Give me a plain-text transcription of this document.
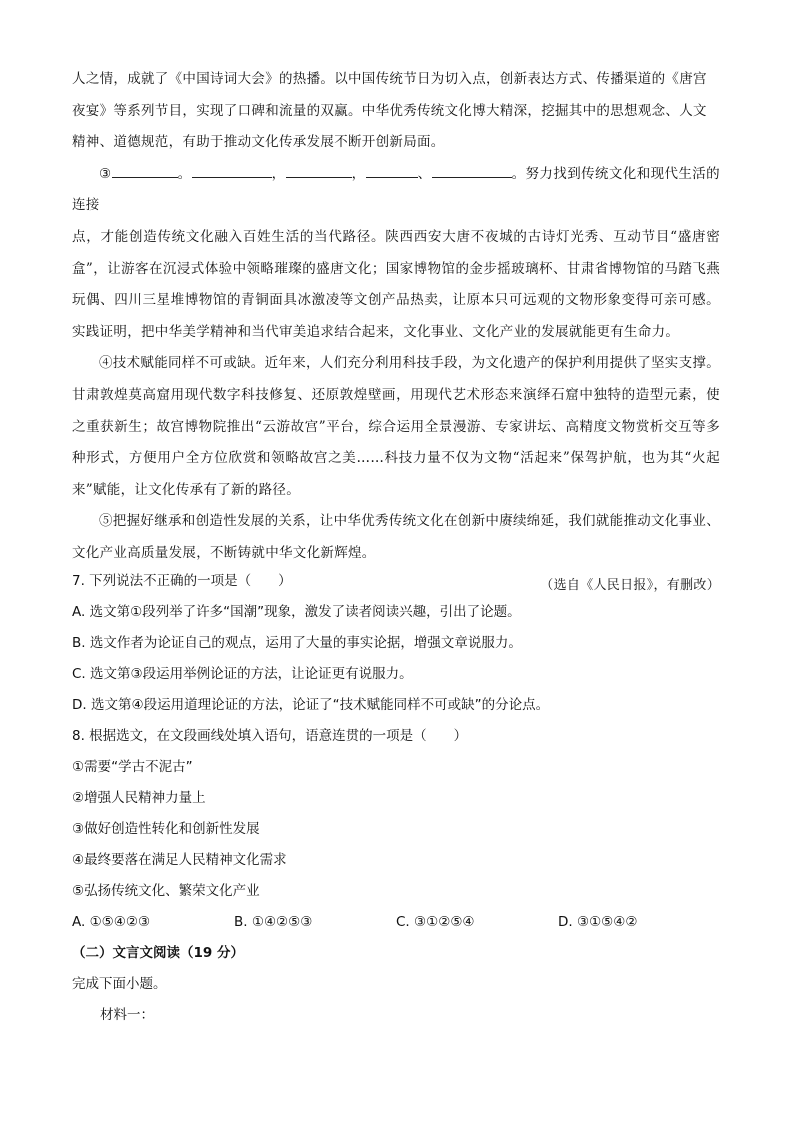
人之情，成就了《中国诗词大会》的热播。以中国传统节日为切入点，创新表达方式、传播渠道的《唐宫

夜宴》等系列节目，实现了口碑和流量的双赢。中华优秀传统文化博大精深，挖掘其中的思想观念、人文

精神、道德规范，有助于推动文化传承发展不断开创新局面。

③	。	，	，	、	。努力找到传统文化和现代生活的连接

点，才能创造传统文化融入百姓生活的当代路径。陕西西安大唐不夜城的古诗灯光秀、互动节目“盛唐密盒”，让游客在沉浸式体验中领略璀璨的盛唐文化；国家博物馆的金步摇玻璃杯、甘肃省博物馆的马踏飞燕玩偶、四川三星堆博物馆的青铜面具冰激凌等文创产品热卖，让原本只可远观的文物形象变得可亲可感。实践证明，把中华美学精神和当代审美追求结合起来，文化事业、文化产业的发展就能更有生命力。

④技术赋能同样不可或缺。近年来，人们充分利用科技手段，为文化遗产的保护利用提供了坚实支撑。甘肃敦煌莫高窟用现代数字科技修复、还原敦煌壁画，用现代艺术形态来演绎石窟中独特的造型元素，使之重获新生；故宫博物院推出“云游故宫”平台，综合运用全景漫游、专家讲坛、高精度文物赏析交互等多种形式，方便用户全方位欣赏和领略故宫之美……科技力量不仅为文物“活起来”保驾护航，也为其“火起来”赋能，让文化传承有了新的路径。

⑤把握好继承和创造性发展的关系，让中华优秀传统文化在创新中赓续绵延，我们就能推动文化事业、文化产业高质量发展，不断铸就中华文化新辉煌。

（选自《人民日报》，有删改）

7. 下列说法不正确的一项是（　　）

A. 选文第①段列举了许多“国潮”现象，激发了读者阅读兴趣，引出了论题。

B. 选文作者为论证自己的观点，运用了大量的事实论据，增强文章说服力。

C. 选文第③段运用举例论证的方法，让论证更有说服力。

D. 选文第④段运用道理论证的方法，论证了“技术赋能同样不可或缺”的分论点。

8. 根据选文，在文段画线处填入语句，语意连贯的一项是（　　）

①需要“学古不泥古”

②增强人民精神力量上

③做好创造性转化和创新性发展

④最终要落在满足人民精神文化需求

⑤弘扬传统文化、繁荣文化产业

A. ①⑤④②③	B. ①④②⑤③	C. ③①②⑤④	D. ③①⑤④②

（二）文言文阅读（19 分）

完成下面小题。

材料一：
